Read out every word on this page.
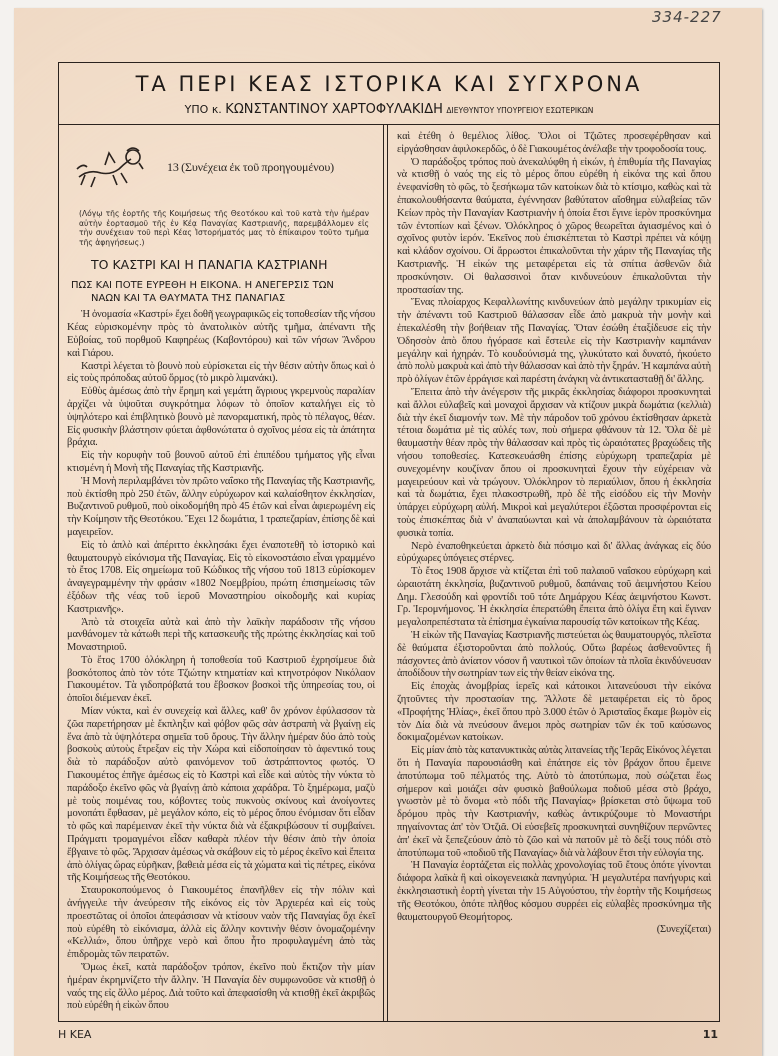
334-227
ΤΑ ΠΕΡΙ ΚΕΑΣ ΙΣΤΟΡΙΚΑ ΚΑΙ ΣΥΓΧΡΟΝΑ
ΥΠΟ κ. ΚΩΝΣΤΑΝΤΙΝΟΥ ΧΑΡΤΟΦΥΛΑΚΙΔΗ ΔΙΕΥΘΥΝΤΟΥ ΥΠΟΥΡΓΕΙΟΥ ΕΣΩΤΕΡΙΚΩΝ
13 (Συνέχεια ἐκ τοῦ προηγουμένου)
(Λόγῳ τῆς ἑορτῆς τῆς Κοιμήσεως τῆς Θεοτόκου καὶ τοῦ κατὰ τὴν ἡμέραν αὐτὴν ἑορτασμοῦ τῆς ἐν Κέᾳ Παναγίας Καστριανῆς, παρεμβάλλομεν εἰς τὴν συνέχειαν τοῦ περὶ Κέας Ἱστορήματός μας τὸ ἐπίκαιρον τοῦτο τμῆμα τῆς ἀφηγήσεως.)
ΤΟ ΚΑΣΤΡΙ ΚΑΙ Η ΠΑΝΑΓΙΑ ΚΑΣΤΡΙΑΝΗ
ΠΩΣ ΚΑΙ ΠΟΤΕ ΕΥΡΕΘΗ Η ΕΙΚΟΝΑ. Η ΑΝΕΓΕΡΣΙΣ ΤΩΝ
ΝΑΩΝ ΚΑΙ ΤΑ ΘΑΥΜΑΤΑ ΤΗΣ ΠΑΝΑΓΙΑΣ

Ἡ ὀνομασία «Καστρί» ἔχει δοθῆ γεωγραφικῶς εἰς τοποθεσίαν τῆς νήσου Κέας εὑρισκομένην πρὸς τὸ ἀνατολικὸν αὐτῆς τμῆμα, ἀπέναντι τῆς Εὐβοίας, τοῦ πορθμοῦ Καφηρέως (Καβοντόρου) καὶ τῶν νήσων Ἄνδρου καὶ Γιάρου.

Καστρὶ λέγεται τὸ βουνὸ ποὺ εὑρίσκεται εἰς τὴν θέσιν αὐτὴν ὅπως καὶ ὁ εἰς τοὺς πρόποδας αὐτοῦ ὅρμος (τὸ μικρὸ λιμανάκι).

Εὐθὺς ἀμέσως ἀπὸ τὴν ἔρημη καὶ γεμάτη ἄγριους γκρεμνοὺς παραλίαν ἀρχίζει νὰ ὑψοῦται συγκρότημα λόφων τὸ ὁποῖον καταλήγει εἰς τὸ ὑψηλότερο καὶ ἐπιβλητικὸ βουνὸ μὲ πανοραματική, πρὸς τὸ πέλαγος, θέαν. Εἰς φυσικὴν βλάστησιν φύεται ἀφθονώτατα ὁ σχοῖνος μέσα εἰς τὰ ἀπάτητα βράχια.

Εἰς τὴν κορυφὴν τοῦ βουνοῦ αὐτοῦ ἐπὶ ἐπιπέδου τμήματος γῆς εἶναι κτισμένη ἡ Μονὴ τῆς Παναγίας τῆς Καστριανῆς.

Ἡ Μονὴ περιλαμβάνει τὸν πρῶτο ναΐσκο τῆς Παναγίας τῆς Καστριανῆς, ποὺ ἐκτίσθη πρὸ 250 ἐτῶν, ἄλλην εὐρύχωρον καὶ καλαίσθητον ἐκκλησίαν, Βυζαντινοῦ ρυθμοῦ, ποὺ οἰκοδομήθη πρὸ 45 ἐτῶν καὶ εἶναι ἀφιερωμένη εἰς τὴν Κοίμησιν τῆς Θεοτόκου. Ἔχει 12 δωμάτια, 1 τραπεζαρίαν, ἐπίσης δὲ καὶ μαγειρεῖον.

Εἰς τὸ ἁπλὸ καὶ ἀπέριττο ἐκκλησάκι ἔχει ἐναποτεθῆ τὸ ἱστορικὸ καὶ θαυματουργὸ εἰκόνισμα τῆς Παναγίας. Εἰς τὸ εἰκονοστάσιο εἶναι γραμμένο τὸ ἔτος 1708. Εἰς σημείωμα τοῦ Κώδικος τῆς νήσου τοῦ 1813 εὑρίσκομεν ἀναγεγραμμένην τὴν φράσιν «1802 Νοεμβρίου, πρώτη ἐπισημείωσις τῶν ἐξόδων τῆς νέας τοῦ ἱεροῦ Μοναστηρίου οἰκοδομῆς καὶ κυρίας Καστριανῆς».

Ἀπὸ τὰ στοιχεῖα αὐτὰ καὶ ἀπὸ τὴν λαϊκὴν παράδοσιν τῆς νήσου μανθάνομεν τὰ κάτωθι περὶ τῆς κατασκευῆς τῆς πρώτης ἐκκλησίας καὶ τοῦ Μοναστηριοῦ.

Τὸ ἔτος 1700 ὁλόκληρη ἡ τοποθεσία τοῦ Καστριοῦ ἐχρησίμευε διὰ βοσκότοπος ἀπὸ τὸν τότε Τζιώτην κτηματίαν καὶ κτηνοτρόφον Νικόλαον Γιακουμέτον. Τὰ γιδοπρόβατά του ἔβοσκον βοσκοὶ τῆς ὑπηρεσίας του, οἱ ὁποῖοι διέμεναν ἐκεῖ.

Μίαν νύκτα, καὶ ἐν συνεχείᾳ καὶ ἄλλες, καθ' ὃν χρόνον ἐφύλασσον τὰ ζῶα παρετήρησαν μὲ ἔκπληξιν καὶ φόβον φῶς σὰν ἀστραπὴ νὰ βγαίνῃ εἰς ἕνα ἀπὸ τὰ ὑψηλότερα σημεῖα τοῦ ὄρους. Τὴν ἄλλην ἡμέραν δύο ἀπὸ τοὺς βοσκοὺς αὐτοὺς ἔτρεξαν εἰς τὴν Χώρα καὶ εἰδοποίησαν τὸ ἀφεντικό τους διὰ τὸ παράδοξον αὐτὸ φαινόμενον τοῦ ἀστράπτοντος φωτός. Ὁ Γιακουμέτος ἐπῆγε ἀμέσως εἰς τὸ Καστρὶ καὶ εἶδε καὶ αὐτὸς τὴν νύκτα τὸ παράδοξο ἐκεῖνο φῶς νὰ βγαίνῃ ἀπὸ κάποια χαράδρα. Τὸ ξημέρωμα, μαζὺ μὲ τοὺς ποιμένας του, κόβοντες τοὺς πυκνοὺς σκίνους καὶ ἀνοίγοντες μονοπάτι ἔφθασαν, μὲ μεγάλον κόπο, εἰς τὸ μέρος ὅπου ἐνόμισαν ὅτι εἶδαν τὸ φῶς καὶ παρέμειναν ἐκεῖ τὴν νύκτα διὰ νὰ ἐξακριβώσουν τί συμβαίνει. Πράγματι τρομαγμένοι εἶδαν καθαρὰ πλέον τὴν θέσιν ἀπὸ τὴν ὁποία ἔβγαινε τὸ φῶς. Ἄρχισαν ἀμέσως νὰ σκάβουν εἰς τὸ μέρος ἐκεῖνο καὶ ἔπειτα ἀπὸ ὀλίγας ὥρας εὑρῆκαν, βαθειὰ μέσα εἰς τὰ χώματα καὶ τὶς πέτρες, εἰκόνα τῆς Κοιμήσεως τῆς Θεοτόκου.

Σταυροκοπούμενος ὁ Γιακουμέτος ἐπανῆλθεν εἰς τὴν πόλιν καὶ ἀνήγγειλε τὴν ἀνεύρεσιν τῆς εἰκόνος εἰς τὸν Ἀρχιερέα καὶ εἰς τοὺς προεστῶτας οἱ ὁποῖοι ἀπεφάσισαν νὰ κτίσουν ναὸν τῆς Παναγίας ὄχι ἐκεῖ ποὺ εὑρέθη τὸ εἰκόνισμα, ἀλλὰ εἰς ἄλλην κοντινὴν θέσιν ὀνομαζομένην «Κελλιά», ὅπου ὑπῆρχε νερὸ καὶ ὅπου ἦτο προφυλαγμένη ἀπὸ τὰς ἐπιδρομὰς τῶν πειρατῶν.

Ὅμως ἐκεῖ, κατὰ παράδοξον τρόπον, ἐκεῖνο ποὺ ἔκτιζον τὴν μίαν ἡμέραν ἐκρημνίζετο τὴν ἄλλην. Ἡ Παναγία δὲν συμφωνοῦσε νὰ κτισθῇ ὁ ναός της εἰς ἄλλο μέρος. Διὰ τοῦτο καὶ ἀπεφασίσθη νὰ κτισθῇ ἐκεῖ ἀκριβῶς ποὺ εὑρέθη ἡ εἰκὼν ὅπου

καὶ ἐτέθη ὁ θεμέλιος λίθος. Ὅλοι οἱ Τζιῶτες προσεφέρθησαν καὶ εἰργάσθησαν ἀφιλοκερδῶς, ὁ δὲ Γιακουμέτος ἀνέλαβε τὴν τροφοδοσία τους.

Ὁ παράδοξος τρόπος ποὺ ἀνεκαλύφθη ἡ εἰκών, ἡ ἐπιθυμία τῆς Παναγίας νὰ κτισθῇ ὁ ναός της εἰς τὸ μέρος ὅπου εὑρέθη ἡ εἰκόνα της καὶ ὅπου ἐνεφανίσθη τὸ φῶς, τὸ ξεσήκωμα τῶν κατοίκων διὰ τὸ κτίσιμο, καθὼς καὶ τὰ ἐπακολουθήσαντα θαύματα, ἐγέννησαν βαθύτατον αἴσθημα εὐλαβείας τῶν Κείων πρὸς τὴν Παναγίαν Καστριανὴν ἡ ὁποία ἔτσι ἔγινε ἱερὸν προσκύνημα τῶν ἐντοπίων καὶ ξένων. Ὁλόκληρος ὁ χῶρος θεωρεῖται ἁγιασμένος καὶ ὁ σχοῖνος φυτὸν ἱερόν. Ἐκεῖνος ποὺ ἐπισκέπτεται τὸ Καστρὶ πρέπει νὰ κόψῃ καὶ κλάδον σχοίνου. Οἱ ἄρρωστοι ἐπικαλοῦνται τὴν χάριν τῆς Παναγίας τῆς Καστριανῆς. Ἡ εἰκών της μεταφέρεται εἰς τὰ σπίτια ἀσθενῶν διὰ προσκύνησιν. Οἱ θαλασσινοὶ ὅταν κινδυνεύουν ἐπικαλοῦνται τὴν προστασίαν της.

Ἕνας πλοίαρχος Κεφαλλωνίτης κινδυνεύων ἀπὸ μεγάλην τρικυμίαν εἰς τὴν ἀπέναντι τοῦ Καστριοῦ θάλασσαν εἶδε ἀπὸ μακρυὰ τὴν μονὴν καὶ ἐπεκαλέσθη τὴν βοήθειαν τῆς Παναγίας. Ὅταν ἐσώθη ἐταξίδευσε εἰς τὴν Ὀδησσὸν ἀπὸ ὅπου ἠγόρασε καὶ ἔστειλε εἰς τὴν Καστριανὴν καμπάναν μεγάλην καὶ ἠχηράν. Τὸ κουδούνισμά της, γλυκύτατο καὶ δυνατό, ἠκούετο ἀπὸ πολὺ μακρυὰ καὶ ἀπὸ τὴν θάλασσαν καὶ ἀπὸ τὴν ξηράν. Ἡ καμπάνα αὐτὴ πρὸ ὀλίγων ἐτῶν ἐρράγισε καὶ παρέστη ἀνάγκη νὰ ἀντικατασταθῇ δι' ἄλλης.

Ἔπειτα ἀπὸ τὴν ἀνέγερσιν τῆς μικρᾶς ἐκκλησίας διάφοροι προσκυνηταὶ καὶ ἄλλοι εὐλαβεῖς καὶ μοναχοὶ ἄρχισαν νὰ κτίζουν μικρὰ δωμάτια (κελλιὰ) διὰ τὴν ἐκεῖ διαμονήν των. Μὲ τὴν πάροδον τοῦ χρόνου ἐκτίσθησαν ἀρκετὰ τέτοια δωμάτια μὲ τὶς αὐλές των, ποὺ σήμερα φθάνουν τὰ 12. Ὅλα δὲ μὲ θαυμαστὴν θέαν πρὸς τὴν θάλασσαν καὶ πρὸς τὶς ὡραιότατες βραχώδεις τῆς νήσου τοποθεσίες. Κατεσκευάσθη ἐπίσης εὐρύχωρη τραπεζαρία μὲ συνεχομένην κουζίναν ὅπου οἱ προσκυνηταὶ ἔχουν τὴν εὐχέρειαν νὰ μαγειρεύουν καὶ νὰ τρώγουν. Ὁλόκληρον τὸ περιαύλιον, ὅπου ἡ ἐκκλησία καὶ τὰ δωμάτια, ἔχει πλακοστρωθῆ, πρὸ δὲ τῆς εἰσόδου εἰς τὴν Μονὴν ὑπάρχει εὐρύχωρη αὐλή. Μικροὶ καὶ μεγαλύτεροι ἐξῶσται προσφέρονται εἰς τοὺς ἐπισκέπτας διὰ ν' ἀναπαύωνται καὶ νὰ ἀπολαμβάνουν τὰ ὡραιότατα φυσικὰ τοπία.

Νερὸ ἐναποθηκεύεται ἀρκετὸ διὰ πόσιμο καὶ δι' ἄλλας ἀνάγκας εἰς δύο εὐρύχωρες ὑπόγειες στέρνες.

Τὸ ἔτος 1908 ἄρχισε νὰ κτίζεται ἐπὶ τοῦ παλαιοῦ ναΐσκου εὐρύχωρη καὶ ὡραιοτάτη ἐκκλησία, βυζαντινοῦ ρυθμοῦ, δαπάναις τοῦ ἀειμνήστου Κείου Δημ. Γλεσούδη καὶ φροντίδι τοῦ τότε Δημάρχου Κέας ἀειμνήστου Κωνστ. Γρ. Ἱερομνήμονος. Ἡ ἐκκλησία ἐπερατώθη ἔπειτα ἀπὸ ὀλίγα ἔτη καὶ ἔγιναν μεγαλοπρεπέστατα τὰ ἐπίσημα ἐγκαίνια παρουσίᾳ τῶν κατοίκων τῆς Κέας.

Ἡ εἰκὼν τῆς Παναγίας Καστριανῆς πιστεύεται ὡς θαυματουργός, πλεῖστα δὲ θαύματα ἐξιστοροῦνται ἀπὸ πολλούς. Οὕτω βαρέως ἀσθενοῦντες ἢ πάσχοντες ἀπὸ ἀνίατον νόσον ἢ ναυτικοὶ τῶν ὁποίων τὰ πλοῖα ἐκινδύνευσαν ἀποδίδουν τὴν σωτηρίαν των εἰς τὴν θείαν εἰκόνα της.

Εἰς ἐποχὰς ἀνομβρίας ἱερεῖς καὶ κάτοικοι λιτανεύουσι τὴν εἰκόνα ζητοῦντες τὴν προστασίαν της. Ἄλλοτε δὲ μεταφέρεται εἰς τὸ ὄρος «Προφήτης Ἠλίας», ἐκεῖ ὅπου πρὸ 3.000 ἐτῶν ὁ Ἀρισταῖος ἔκαμε βωμὸν εἰς τὸν Δία διὰ νὰ πνεύσουν ἄνεμοι πρὸς σωτηρίαν τῶν ἐκ τοῦ καύσωνος δοκιμαζομένων κατοίκων.

Εἰς μίαν ἀπὸ τὰς κατανυκτικὰς αὐτὰς λιτανείας τῆς Ἱερᾶς Εἰκόνος λέγεται ὅτι ἡ Παναγία παρουσιάσθη καὶ ἐπάτησε εἰς τὸν βράχον ὅπου ἔμεινε ἀποτύπωμα τοῦ πέλματός της. Αὐτὸ τὸ ἀποτύπωμα, ποὺ σώζεται ἕως σήμερον καὶ μοιάζει σὰν φυσικὸ βαθούλωμα ποδιοῦ μέσα στὸ βράχο, γνωστὸν μὲ τὸ ὄνομα «τὸ πόδι τῆς Παναγίας» βρίσκεται στὸ ὕψωμα τοῦ δρόμου πρὸς τὴν Καστριανήν, καθὼς ἀντικρύζουμε τὸ Μοναστήρι πηγαίνοντας ἀπ' τὸν Ὀτζιᾶ. Οἱ εὐσεβεῖς προσκυνηταὶ συνηθίζουν περνῶντες ἀπ' ἐκεῖ νὰ ξεπεζεύουν ἀπὸ τὸ ζῶο καὶ νὰ πατοῦν μὲ τὸ δεξί τους πόδι στὸ ἀποτύπωμα τοῦ «ποδιοῦ τῆς Παναγίας» διὰ νὰ λάβουν ἔτσι τὴν εὐλογία της.

Ἡ Παναγία ἑορτάζεται εἰς πολλὰς χρονολογίας τοῦ ἔτους ὁπότε γίνονται διάφορα λαϊκὰ ἢ καὶ οἰκογενειακὰ πανηγύρια. Ἡ μεγαλυτέρα πανήγυρις καὶ ἐκκλησιαστικὴ ἑορτὴ γίνεται τὴν 15 Αὐγούστου, τὴν ἑορτὴν τῆς Κοιμήσεως τῆς Θεοτόκου, ὁπότε πλῆθος κόσμου συρρέει εἰς εὐλαβὲς προσκύνημα τῆς θαυματουργοῦ Θεομήτορος.

(Συνεχίζεται)

Η ΚΕΑ	11
